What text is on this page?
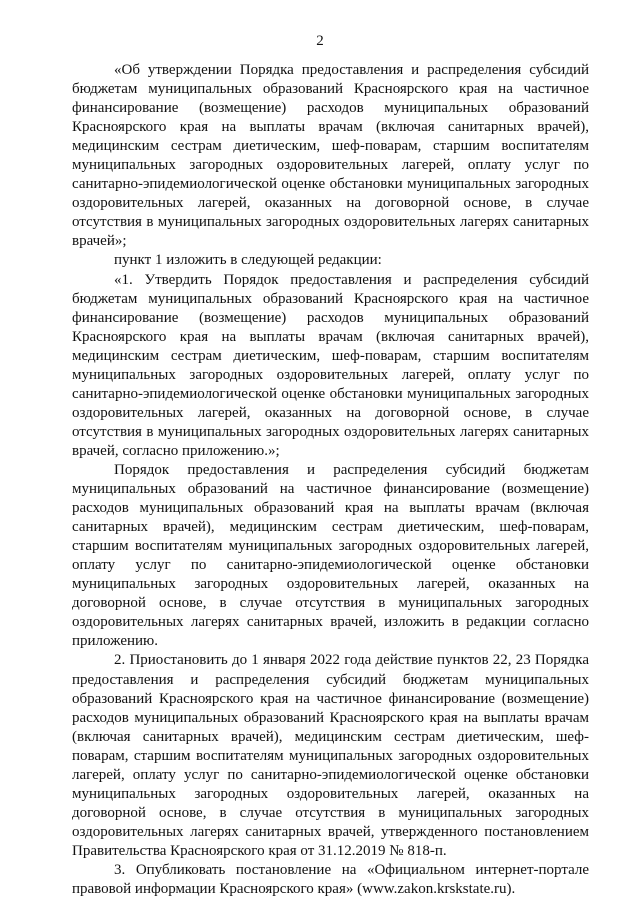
2

«Об утверждении Порядка предоставления и распределения субсидий бюджетам муниципальных образований Красноярского края на частичное финансирование (возмещение) расходов муниципальных образований Красноярского края на выплаты врачам (включая санитарных врачей), медицинским сестрам диетическим, шеф-поварам, старшим воспитателям муниципальных загородных оздоровительных лагерей, оплату услуг по санитарно-эпидемиологической оценке обстановки муниципальных загородных оздоровительных лагерей, оказанных на договорной основе, в случае отсутствия в муниципальных загородных оздоровительных лагерях санитарных врачей»;

пункт 1 изложить в следующей редакции:

«1. Утвердить Порядок предоставления и распределения субсидий бюджетам муниципальных образований Красноярского края на частичное финансирование (возмещение) расходов муниципальных образований Красноярского края на выплаты врачам (включая санитарных врачей), медицинским сестрам диетическим, шеф-поварам, старшим воспитателям муниципальных загородных оздоровительных лагерей, оплату услуг по санитарно-эпидемиологической оценке обстановки муниципальных загородных оздоровительных лагерей, оказанных на договорной основе, в случае отсутствия в муниципальных загородных оздоровительных лагерях санитарных врачей, согласно приложению.»;

Порядок предоставления и распределения субсидий бюджетам муниципальных образований на частичное финансирование (возмещение) расходов муниципальных образований края на выплаты врачам (включая санитарных врачей), медицинским сестрам диетическим, шеф-поварам, старшим воспитателям муниципальных загородных оздоровительных лагерей, оплату услуг по санитарно-эпидемиологической оценке обстановки муниципальных загородных оздоровительных лагерей, оказанных на договорной основе, в случае отсутствия в муниципальных загородных оздоровительных лагерях санитарных врачей, изложить в редакции согласно приложению.

2. Приостановить до 1 января 2022 года действие пунктов 22, 23 Порядка предоставления и распределения субсидий бюджетам муниципальных образований Красноярского края на частичное финансирование (возмещение) расходов муниципальных образований Красноярского края на выплаты врачам (включая санитарных врачей), медицинским сестрам диетическим, шеф-поварам, старшим воспитателям муниципальных загородных оздоровительных лагерей, оплату услуг по санитарно-эпидемиологической оценке обстановки муниципальных загородных оздоровительных лагерей, оказанных на договорной основе, в случае отсутствия в муниципальных загородных оздоровительных лагерях санитарных врачей, утвержденного постановлением Правительства Красноярского края от 31.12.2019 № 818-п.

3. Опубликовать постановление на «Официальном интернет-портале правовой информации Красноярского края» (www.zakon.krskstate.ru).
